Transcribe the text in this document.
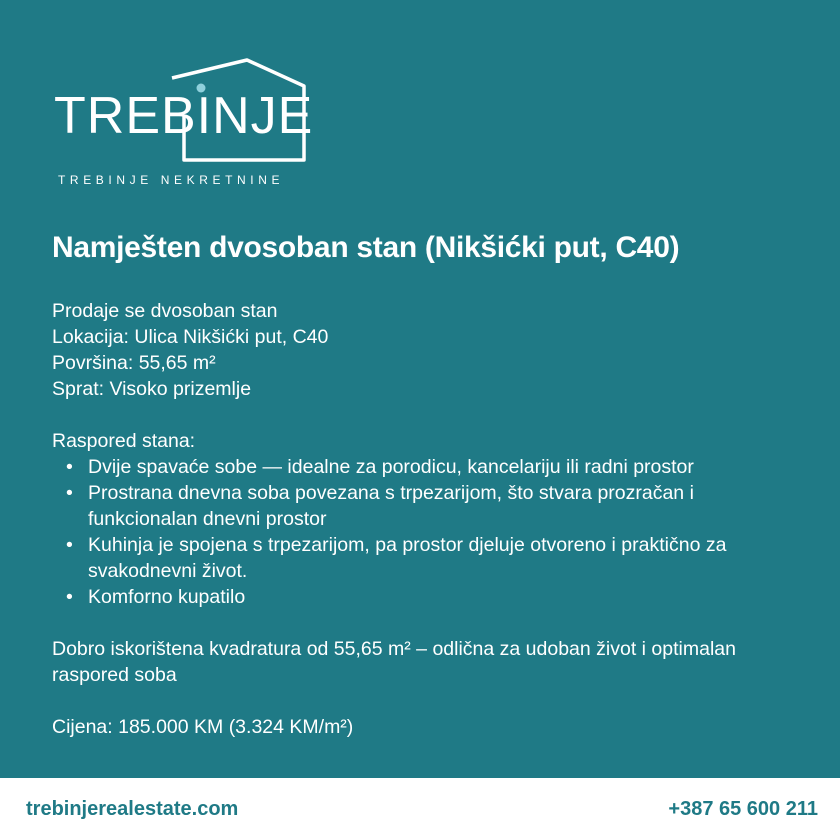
TREBINJE
TREBINJE NEKRETNINE
Namješten dvosoban stan (Nikšićki put, C40)

Prodaje se dvosoban stan

Lokacija: Ulica Nikšićki put, C40

Površina: 55,65 m²

Sprat: Visoko prizemlje

Raspored stana:

• Dvije spavaće sobe — idealne za porodicu, kancelariju ili radni prostor
• Prostrana dnevna soba povezana s trpezarijom, što stvara prozračan i funkcionalan dnevni prostor
• Kuhinja je spojena s trpezarijom, pa prostor djeluje otvoreno i praktično za svakodnevni život.
• Komforno kupatilo

Dobro iskorištena kvadratura od 55,65 m² – odlična za udoban život i optimalan raspored soba

Cijena: 185.000 KM (3.324 KM/m²)

trebinjerealestate.com	+387 65 600 211
